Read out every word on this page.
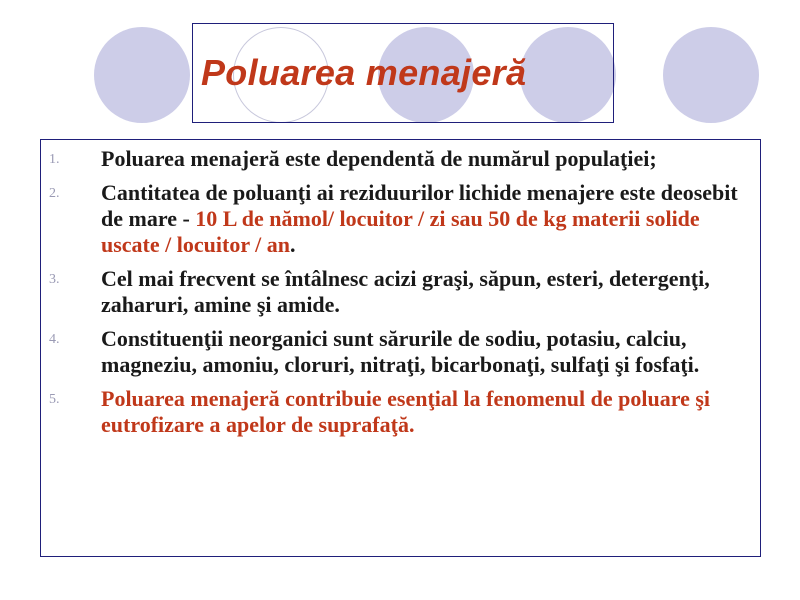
Poluarea menajeră
1. Poluarea menajeră este dependentă de numărul populaţiei;
2. Cantitatea de poluanţi ai reziduurilor lichide menajere este deosebit de mare - 10 L de nămol/ locuitor / zi sau 50 de kg materii solide uscate / locuitor / an.
3. Cel mai frecvent se întâlnesc acizi graşi, săpun, esteri, detergenţi, zaharuri, amine şi amide.
4. Constituenţii neorganici sunt sărurile de sodiu, potasiu, calciu, magneziu, amoniu, cloruri, nitraţi, bicarbonaţi, sulfaţi şi fosfaţi.
5. Poluarea menajeră contribuie esenţial la fenomenul de poluare şi eutrofizare a apelor de suprafaţă.
